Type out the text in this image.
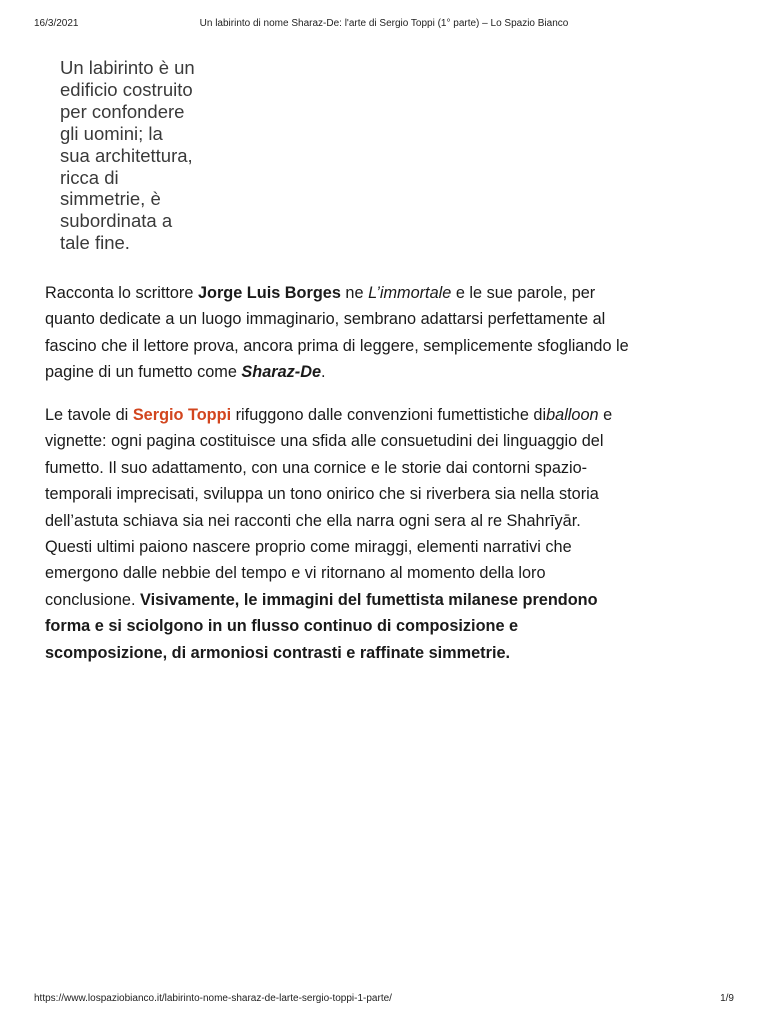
16/3/2021	Un labirinto di nome Sharaz-De: l'arte di Sergio Toppi (1° parte) – Lo Spazio Bianco
Un labirinto è un
edificio costruito
per confondere
gli uomini; la
sua architettura,
ricca di
simmetrie, è
subordinata a
tale fine.

Racconta lo scrittore Jorge Luis Borges ne L’immortale e le sue parole, per
quanto dedicate a un luogo immaginario, sembrano adattarsi perfettamente al
fascino che il lettore prova, ancora prima di leggere, semplicemente sfogliando le
pagine di un fumetto come Sharaz-De.

Le tavole di Sergio Toppi rifuggono dalle convenzioni fumettistiche diballoon e
vignette: ogni pagina costituisce una sfida alle consuetudini dei linguaggio del
fumetto. Il suo adattamento, con una cornice e le storie dai contorni spazio-
temporali imprecisati, sviluppa un tono onirico che si riverbera sia nella storia
dell’astuta schiava sia nei racconti che ella narra ogni sera al re Shahrīyār.
Questi ultimi paiono nascere proprio come miraggi, elementi narrativi che
emergono dalle nebbie del tempo e vi ritornano al momento della loro
conclusione. Visivamente, le immagini del fumettista milanese prendono
forma e si sciolgono in un flusso continuo di composizione e
scomposizione, di armoniosi contrasti e raffinate simmetrie.

https://www.lospaziobianco.it/labirinto-nome-sharaz-de-larte-sergio-toppi-1-parte/	1/9
